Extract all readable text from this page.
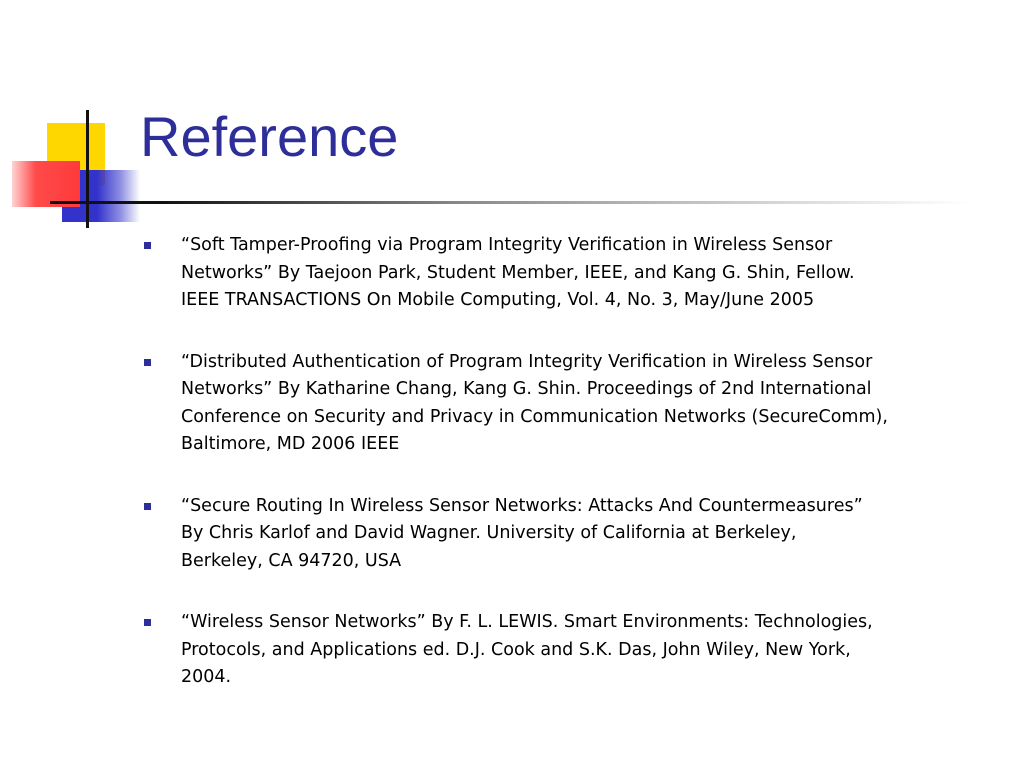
Reference
“Soft Tamper-Proofing via Program Integrity Verification in Wireless Sensor
Networks” By Taejoon Park, Student Member, IEEE, and Kang G. Shin, Fellow.
IEEE TRANSACTIONS On Mobile Computing, Vol. 4, No. 3, May/June 2005
“Distributed Authentication of Program Integrity Verification in Wireless Sensor
Networks” By Katharine Chang, Kang G. Shin. Proceedings of 2nd International
Conference on Security and Privacy in Communication Networks (SecureComm),
Baltimore, MD 2006 IEEE
“Secure Routing In Wireless Sensor Networks: Attacks And Countermeasures”
By Chris Karlof and David Wagner. University of California at Berkeley,
Berkeley, CA 94720, USA
“Wireless Sensor Networks” By F. L. LEWIS. Smart Environments: Technologies,
Protocols, and Applications ed. D.J. Cook and S.K. Das, John Wiley, New York,
2004.
